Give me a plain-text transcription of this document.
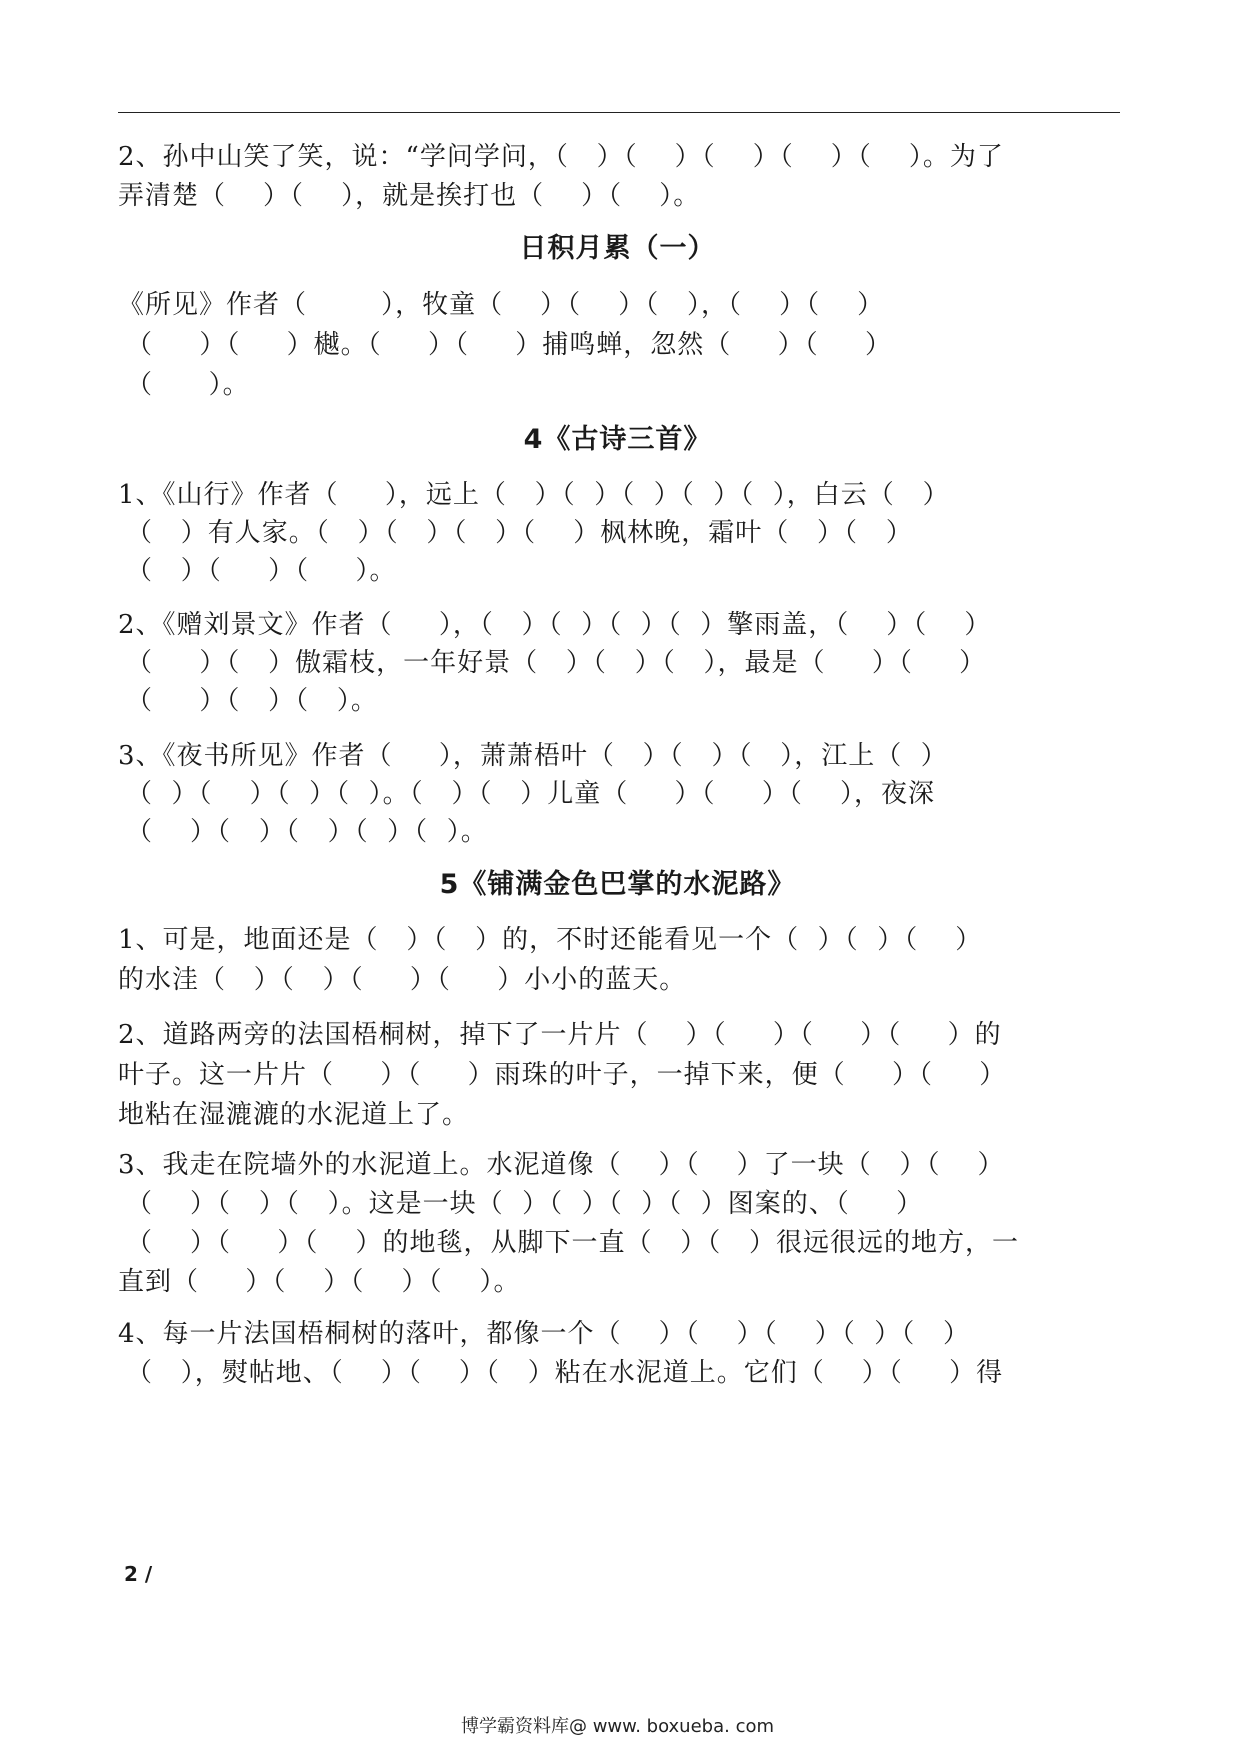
2、孙中山笑了笑，说：“学问学问，（   ）（    ）（    ）（    ）（    ）。为了
弄清楚（    ）（    ），就是挨打也（    ）（    ）。
日积月累（一）
《所见》作者（        ），牧童（    ）（    ）（   ），（    ）（    ）
（     ）（     ）樾。（     ）（     ）捕鸣蝉，忽然（     ）（     ）
（      ）。
4《古诗三首》
1、《山行》作者（     ），远上（   ）（  ）（  ）（  ）（  ），白云（   ）
（   ）有人家。（   ）（   ）（   ）（    ）枫林晚，霜叶（   ）（   ）
（   ）（     ）（     ）。
2、《赠刘景文》作者（     ），（   ）（  ）（  ）（  ）擎雨盖，（    ）（    ）
（     ）（   ）傲霜枝，一年好景（   ）（   ）（   ），最是（     ）（     ）
（     ）（   ）（   ）。
3、《夜书所见》作者（     ），萧萧梧叶（   ）（   ）（   ），江上（  ）
（  ）（    ）（  ）（  ）。（   ）（   ）儿童（     ）（     ）（    ），夜深
（    ）（   ）（   ）（  ）（  ）。
5《铺满金色巴掌的水泥路》
1、可是，地面还是（   ）（   ）的，不时还能看见一个（  ）（  ）（    ）
的水洼（   ）（   ）（     ）（     ）小小的蓝天。
2、道路两旁的法国梧桐树，掉下了一片片（    ）（     ）（     ）（     ）的
叶子。这一片片（     ）（     ）雨珠的叶子，一掉下来，便（     ）（     ）
地粘在湿漉漉的水泥道上了。
3、我走在院墙外的水泥道上。水泥道像（    ）（    ）了一块（   ）（    ）
（    ）（   ）（   ）。这是一块（  ）（  ）（  ）（  ）图案的、（     ）
（    ）（     ）（    ）的地毯，从脚下一直（   ）（   ）很远很远的地方，一
直到（     ）（    ）（    ）（    ）。
4、每一片法国梧桐树的落叶，都像一个（    ）（    ）（    ）（  ）（   ）
（   ），熨帖地、（    ）（    ）（   ）粘在水泥道上。它们（    ）（     ）得
2 /
博学霸资料库@ www. boxueba. com
